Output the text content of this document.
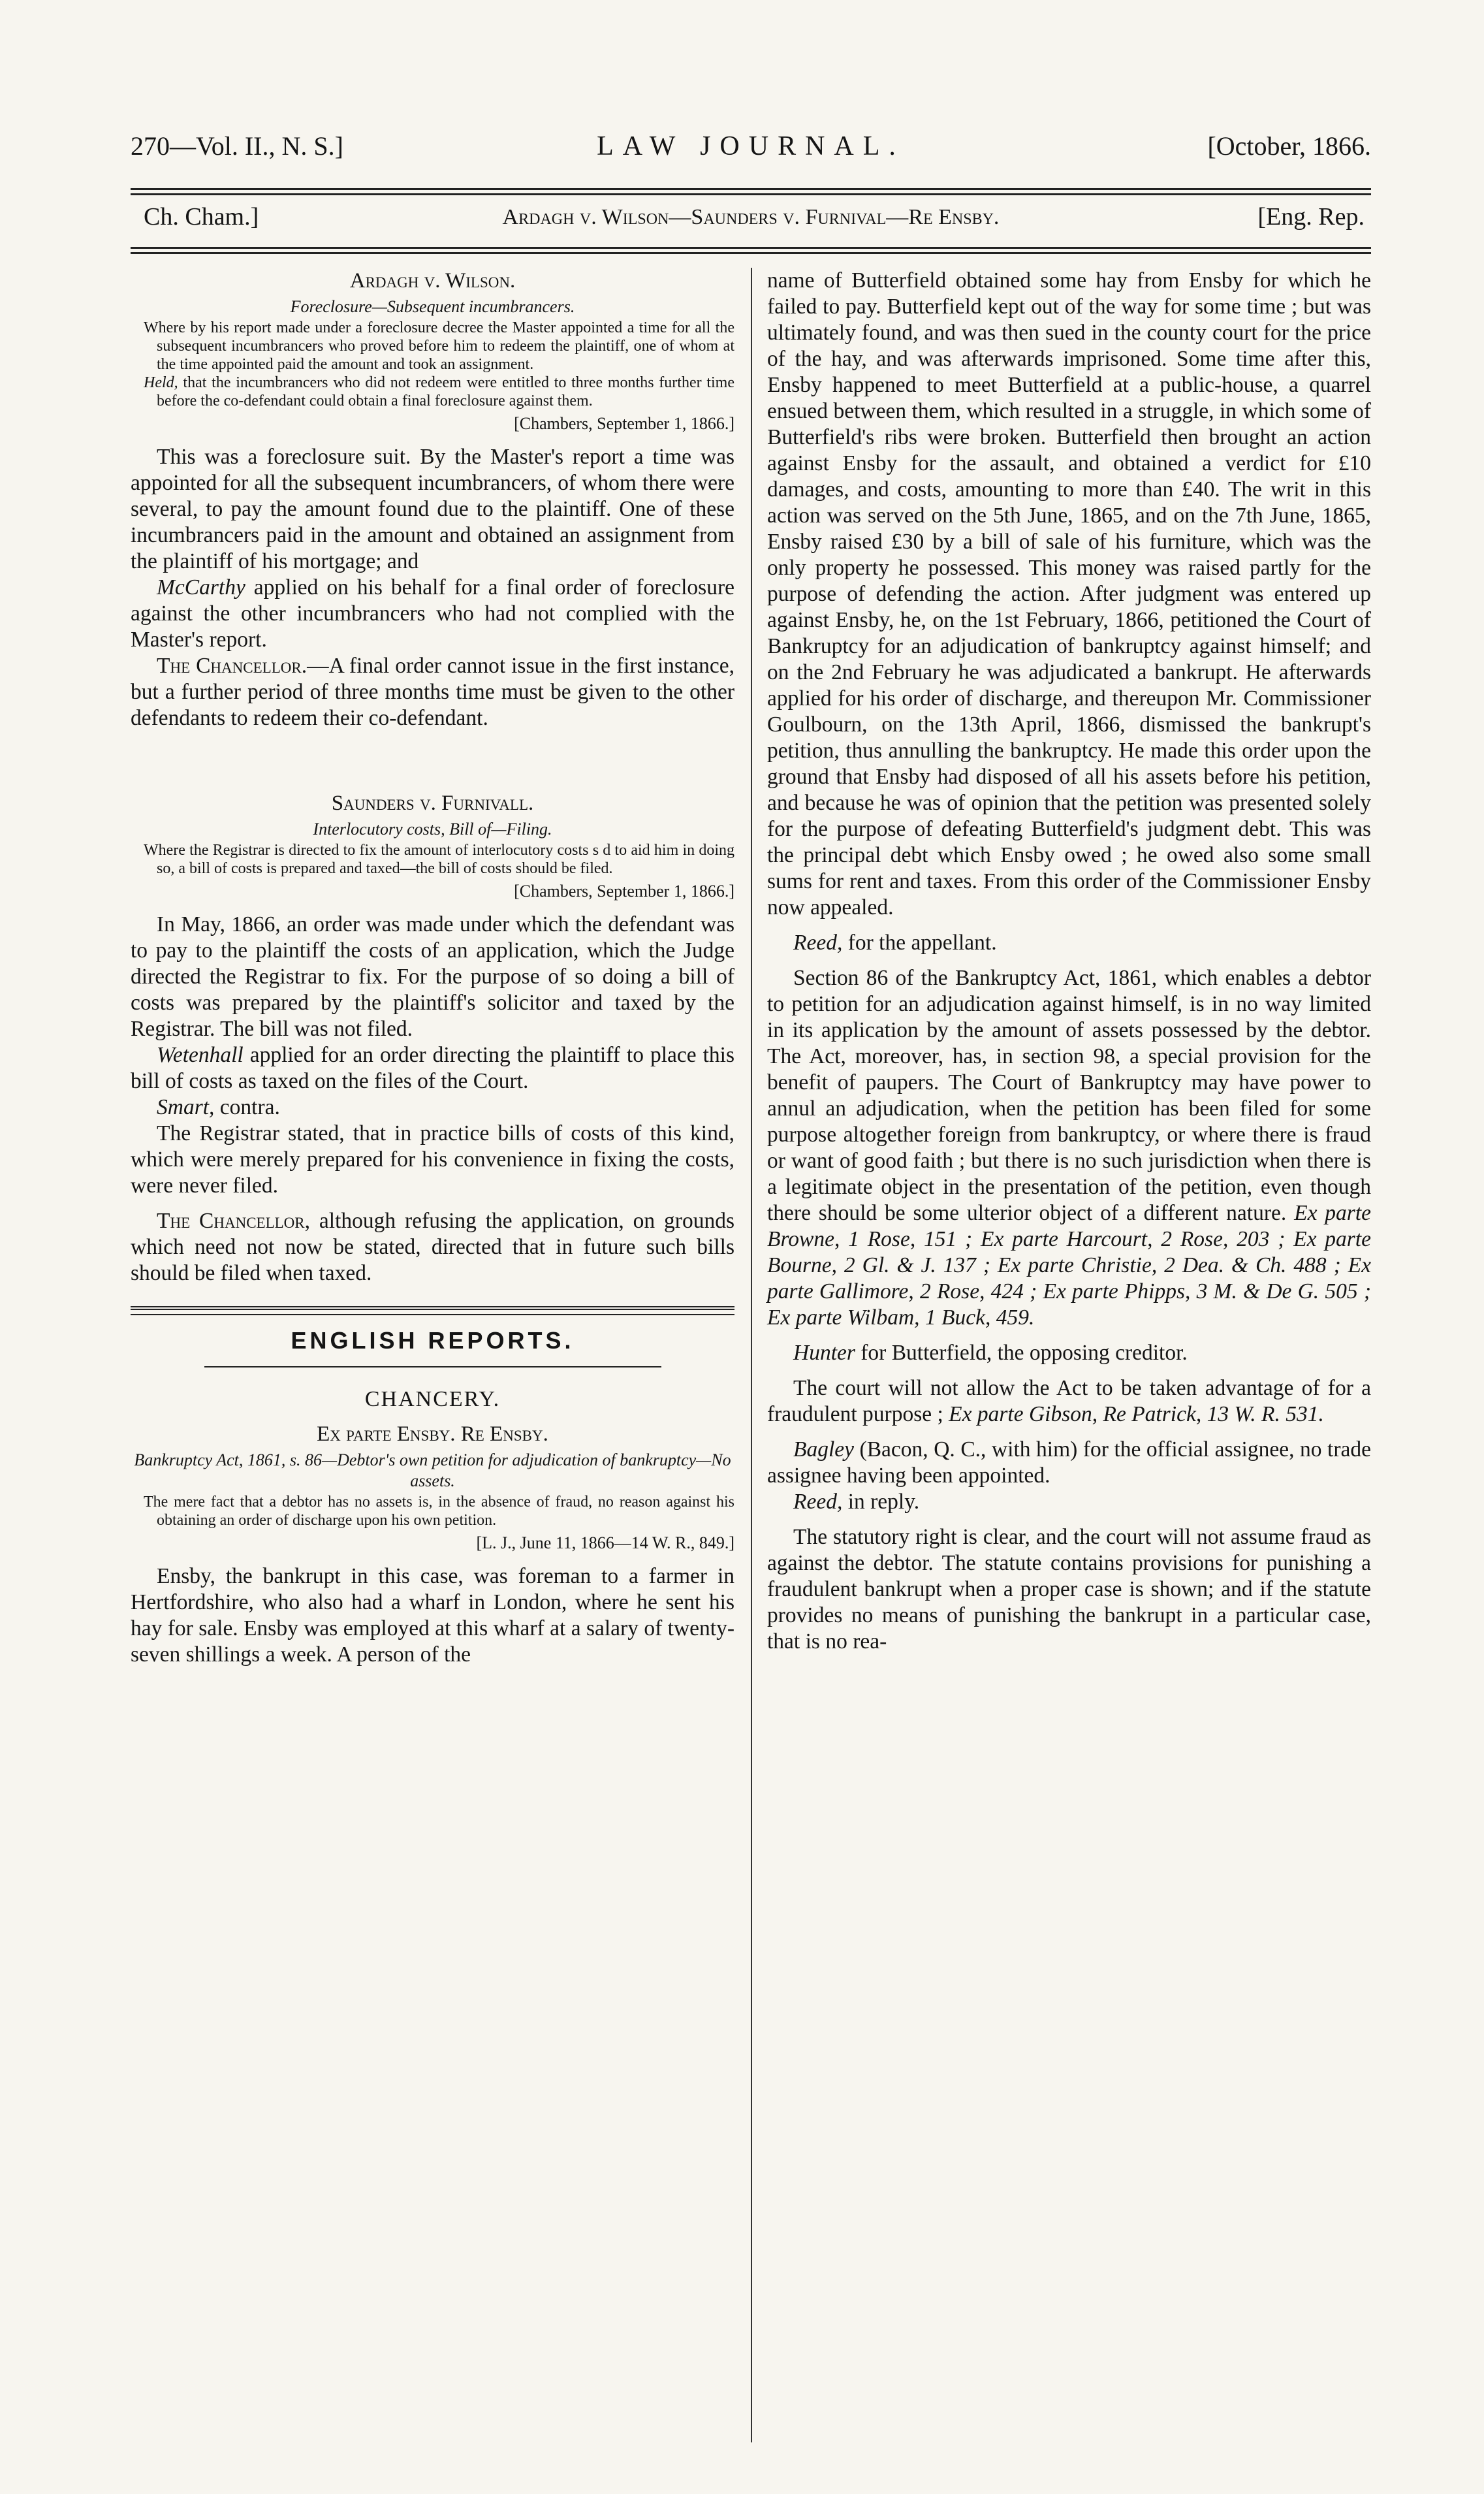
270—Vol. II., N. S.]	LAW JOURNAL.	[October, 1866.
Ch. Cham.]	Ardagh v. Wilson—Saunders v. Furnival—Re Ensby.	[Eng. Rep.
Ardagh v. Wilson.
Foreclosure—Subsequent incumbrancers.

Where by his report made under a foreclosure decree the Master appointed a time for all the subsequent incumbrancers who proved before him to redeem the plaintiff, one of whom at the time appointed paid the amount and took an assignment.

Held, that the incumbrancers who did not redeem were entitled to three months further time before the co-defendant could obtain a final foreclosure against them.

[Chambers, September 1, 1866.]

This was a foreclosure suit. By the Master's report a time was appointed for all the subsequent incumbrancers, of whom there were several, to pay the amount found due to the plaintiff. One of these incumbrancers paid in the amount and obtained an assignment from the plaintiff of his mortgage; and

McCarthy applied on his behalf for a final order of foreclosure against the other incumbrancers who had not complied with the Master's report.

The Chancellor.—A final order cannot issue in the first instance, but a further period of three months time must be given to the other defendants to redeem their co-defendant.

Saunders v. Furnivall.
Interlocutory costs, Bill of—Filing.

Where the Registrar is directed to fix the amount of interlocutory costs s d to aid him in doing so, a bill of costs is prepared and taxed—the bill of costs should be filed.

[Chambers, September 1, 1866.]

In May, 1866, an order was made under which the defendant was to pay to the plaintiff the costs of an application, which the Judge directed the Registrar to fix. For the purpose of so doing a bill of costs was prepared by the plaintiff's solicitor and taxed by the Registrar. The bill was not filed.

Wetenhall applied for an order directing the plaintiff to place this bill of costs as taxed on the files of the Court.

Smart, contra.

The Registrar stated, that in practice bills of costs of this kind, which were merely prepared for his convenience in fixing the costs, were never filed.

The Chancellor, although refusing the application, on grounds which need not now be stated, directed that in future such bills should be filed when taxed.

ENGLISH REPORTS.
CHANCERY.
Ex parte Ensby. Re Ensby.
Bankruptcy Act, 1861, s. 86—Debtor's own petition for adjudication of bankruptcy—No assets.

The mere fact that a debtor has no assets is, in the absence of fraud, no reason against his obtaining an order of discharge upon his own petition.

[L. J., June 11, 1866—14 W. R., 849.]

Ensby, the bankrupt in this case, was foreman to a farmer in Hertfordshire, who also had a wharf in London, where he sent his hay for sale. Ensby was employed at this wharf at a salary of twenty-seven shillings a week. A person of the

name of Butterfield obtained some hay from Ensby for which he failed to pay. Butterfield kept out of the way for some time ; but was ultimately found, and was then sued in the county court for the price of the hay, and was afterwards imprisoned. Some time after this, Ensby happened to meet Butterfield at a public-house, a quarrel ensued between them, which resulted in a struggle, in which some of Butterfield's ribs were broken. Butterfield then brought an action against Ensby for the assault, and obtained a verdict for £10 damages, and costs, amounting to more than £40. The writ in this action was served on the 5th June, 1865, and on the 7th June, 1865, Ensby raised £30 by a bill of sale of his furniture, which was the only property he possessed. This money was raised partly for the purpose of defending the action. After judgment was entered up against Ensby, he, on the 1st February, 1866, petitioned the Court of Bankruptcy for an adjudication of bankruptcy against himself; and on the 2nd February he was adjudicated a bankrupt. He afterwards applied for his order of discharge, and thereupon Mr. Commissioner Goulbourn, on the 13th April, 1866, dismissed the bankrupt's petition, thus annulling the bankruptcy. He made this order upon the ground that Ensby had disposed of all his assets before his petition, and because he was of opinion that the petition was presented solely for the purpose of defeating Butterfield's judgment debt. This was the principal debt which Ensby owed ; he owed also some small sums for rent and taxes. From this order of the Commissioner Ensby now appealed.

Reed, for the appellant.

Section 86 of the Bankruptcy Act, 1861, which enables a debtor to petition for an adjudication against himself, is in no way limited in its application by the amount of assets possessed by the debtor. The Act, moreover, has, in section 98, a special provision for the benefit of paupers. The Court of Bankruptcy may have power to annul an adjudication, when the petition has been filed for some purpose altogether foreign from bankruptcy, or where there is fraud or want of good faith ; but there is no such jurisdiction when there is a legitimate object in the presentation of the petition, even though there should be some ulterior object of a different nature. Ex parte Browne, 1 Rose, 151 ; Ex parte Harcourt, 2 Rose, 203 ; Ex parte Bourne, 2 Gl. & J. 137 ; Ex parte Christie, 2 Dea. & Ch. 488 ; Ex parte Gallimore, 2 Rose, 424 ; Ex parte Phipps, 3 M. & De G. 505 ; Ex parte Wilbam, 1 Buck, 459.

Hunter for Butterfield, the opposing creditor.

The court will not allow the Act to be taken advantage of for a fraudulent purpose ; Ex parte Gibson, Re Patrick, 13 W. R. 531.

Bagley (Bacon, Q. C., with him) for the official assignee, no trade assignee having been appointed.

Reed, in reply.

The statutory right is clear, and the court will not assume fraud as against the debtor. The statute contains provisions for punishing a fraudulent bankrupt when a proper case is shown; and if the statute provides no means of punishing the bankrupt in a particular case, that is no rea-
